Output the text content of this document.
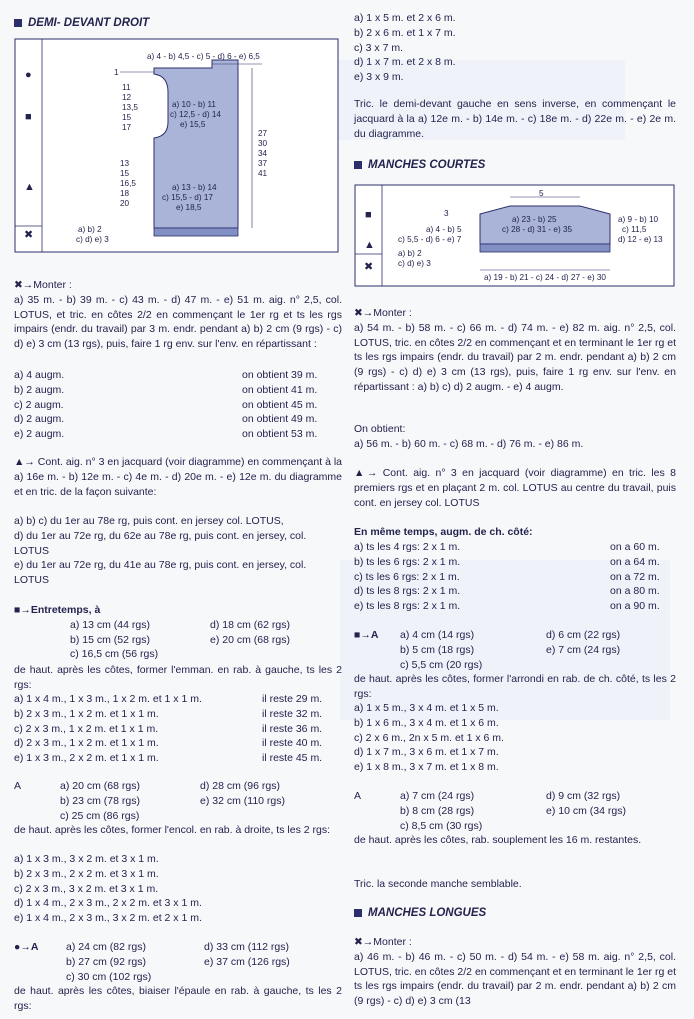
DEMI- DEVANT DROIT
●
■
▲
✖
a) 4 - b) 4,5 - c) 5 - d) 6 - e) 6,5
1
11
12
13,5
15
17
a) 10 - b) 11
c) 12,5 - d) 14
e) 15,5
13
15
16,5
18
20
a) 13 - b) 14
c) 15,5 - d) 17
e) 18,5
27
30
34
37
41
a) b) 2
c) d) e) 3
✖→Monter :
a) 35 m. - b) 39 m. - c) 43 m. - d) 47 m. - e) 51 m. aig. n° 2,5, col. LOTUS, et tric. en côtes 2/2 en commençant le 1er rg et ts les rgs impairs (endr. du travail) par 3 m. endr. pendant a) b) 2 cm (9 rgs) - c) d) e) 3 cm (13 rgs), puis, faire 1 rg env. sur l'env. en répartissant :
a) 4 augm.	on obtient 39 m.
b) 2 augm.	on obtient 41 m.
c) 2 augm.	on obtient 45 m.
d) 2 augm.	on obtient 49 m.
e) 2 augm.	on obtient 53 m.
▲→ Cont. aig. n° 3 en jacquard (voir diagramme) en commençant à la a) 16e m. - b) 12e m. - c) 4e m. - d) 20e m. - e) 12e m. du diagramme et en tric. de la façon suivante:
a) b) c) du 1er au 78e rg, puis cont. en jersey col. LOTUS,
d) du 1er au 72e rg, du 62e au 78e rg, puis cont. en jersey, col. LOTUS
e) du 1er au 72e rg, du 41e au 78e rg, puis cont. en jersey, col. LOTUS
■→Entretemps, à
a) 13 cm (44 rgs)	d) 18 cm (62 rgs)
b) 15 cm (52 rgs)	e) 20 cm (68 rgs)
c) 16,5 cm (56 rgs)
de haut. après les côtes, former l'emman. en rab. à gauche, ts les 2 rgs:
a) 1 x 4 m., 1 x 3 m., 1 x 2 m. et 1 x 1 m.	il reste 29 m.
b) 2 x 3 m., 1 x 2 m. et 1 x 1 m.	il reste 32 m.
c) 2 x 3 m., 1 x 2 m. et 1 x 1 m.	il reste 36 m.
d) 2 x 3 m., 1 x 2 m. et 1 x 1 m.	il reste 40 m.
e) 1 x 3 m., 2 x 2 m. et 1 x 1 m.	il reste 45 m.
A	a) 20 cm (68 rgs)	d) 28 cm (96 rgs)
b) 23 cm (78 rgs)	e) 32 cm (110 rgs)
c) 25 cm (86 rgs)
de haut. après les côtes, former l'encol. en rab. à droite, ts les 2 rgs:
a) 1 x 3 m., 3 x 2 m. et 3 x 1 m.
b) 2 x 3 m., 2 x 2 m. et 3 x 1 m.
c) 2 x 3 m., 3 x 2 m. et 3 x 1 m.
d) 1 x 4 m., 2 x 3 m., 2 x 2 m. et 3 x 1 m.
e) 1 x 4 m., 2 x 3 m., 3 x 2 m. et 2 x 1 m.
●→A	a) 24 cm (82 rgs)	d) 33 cm (112 rgs)
b) 27 cm (92 rgs)	e) 37 cm (126 rgs)
c) 30 cm (102 rgs)
de haut. après les côtes, biaiser l'épaule en rab. à gauche, ts les 2 rgs:
a) 1 x 5 m. et 2 x 6 m.
b) 2 x 6 m. et 1 x 7 m.
c) 3 x 7 m.
d) 1 x 7 m. et 2 x 8 m.
e) 3 x 9 m.
Tric. le demi-devant gauche en sens inverse, en commençant le jacquard à la a) 12e m. - b) 14e m. - c) 18e m. - d) 22e m. - e) 2e m. du diagramme.
MANCHES COURTES
5
3
a) 23 - b) 25
c) 28 - d) 31 - e) 35
a) 4 - b) 5
c) 5,5 - d) 6 - e) 7
a) 9 - b) 10
c) 11,5
d) 12 - e) 13
a) b) 2
c) d) e) 3
a) 19 - b) 21 - c) 24 - d) 27 - e) 30
■
▲
✖
✖→Monter :
a) 54 m. - b) 58 m. - c) 66 m. - d) 74 m. - e) 82 m. aig. n° 2,5, col. LOTUS, tric. en côtes 2/2 en commençant et en terminant le 1er rg et ts les rgs impairs (endr. du travail) par 2 m. endr. pendant a) b) 2 cm (9 rgs) - c) d) e) 3 cm (13 rgs), puis, faire 1 rg env. sur l'env. en répartissant : a) b) c) d) 2 augm. - e) 4 augm.
On obtient:
a) 56 m. - b) 60 m. - c) 68 m. - d) 76 m. - e) 86 m.
▲→ Cont. aig. n° 3 en jacquard (voir diagramme) en tric. les 8 premiers rgs et en plaçant 2 m. col. LOTUS au centre du travail, puis cont. en jersey col. LOTUS
En même temps, augm. de ch. côté:
a) ts les 4 rgs: 2 x 1 m.	on a 60 m.
b) ts les 6 rgs: 2 x 1 m.	on a 64 m.
c) ts les 6 rgs: 2 x 1 m.	on a 72 m.
d) ts les 8 rgs: 2 x 1 m.	on a 80 m.
e) ts les 8 rgs: 2 x 1 m.	on a 90 m.
■→A	a) 4 cm (14 rgs)	d) 6 cm (22 rgs)
b) 5 cm (18 rgs)	e) 7 cm (24 rgs)
c) 5,5 cm (20 rgs)
de haut. après les côtes, former l'arrondi en rab. de ch. côté, ts les 2 rgs:
a) 1 x 5 m., 3 x 4 m. et 1 x 5 m.
b) 1 x 6 m., 3 x 4 m. et 1 x 6 m.
c) 2 x 6 m., 2n x 5 m. et 1 x 6 m.
d) 1 x 7 m., 3 x 6 m. et 1 x 7 m.
e) 1 x 8 m., 3 x 7 m. et 1 x 8 m.
A	a) 7 cm (24 rgs)	d) 9 cm (32 rgs)
b) 8 cm (28 rgs)	e) 10 cm (34 rgs)
c) 8,5 cm (30 rgs)
de haut. après les côtes, rab. souplement les 16 m. restantes.
Tric. la seconde manche semblable.
MANCHES LONGUES
✖→Monter :
a) 46 m. - b) 46 m. - c) 50 m. - d) 54 m. - e) 58 m. aig. n° 2,5, col. LOTUS, tric. en côtes 2/2 en commençant et en terminant le 1er rg et ts les rgs impairs (endr. du travail) par 2 m. endr. pendant a) b) 2 cm (9 rgs) - c) d) e) 3 cm (13
